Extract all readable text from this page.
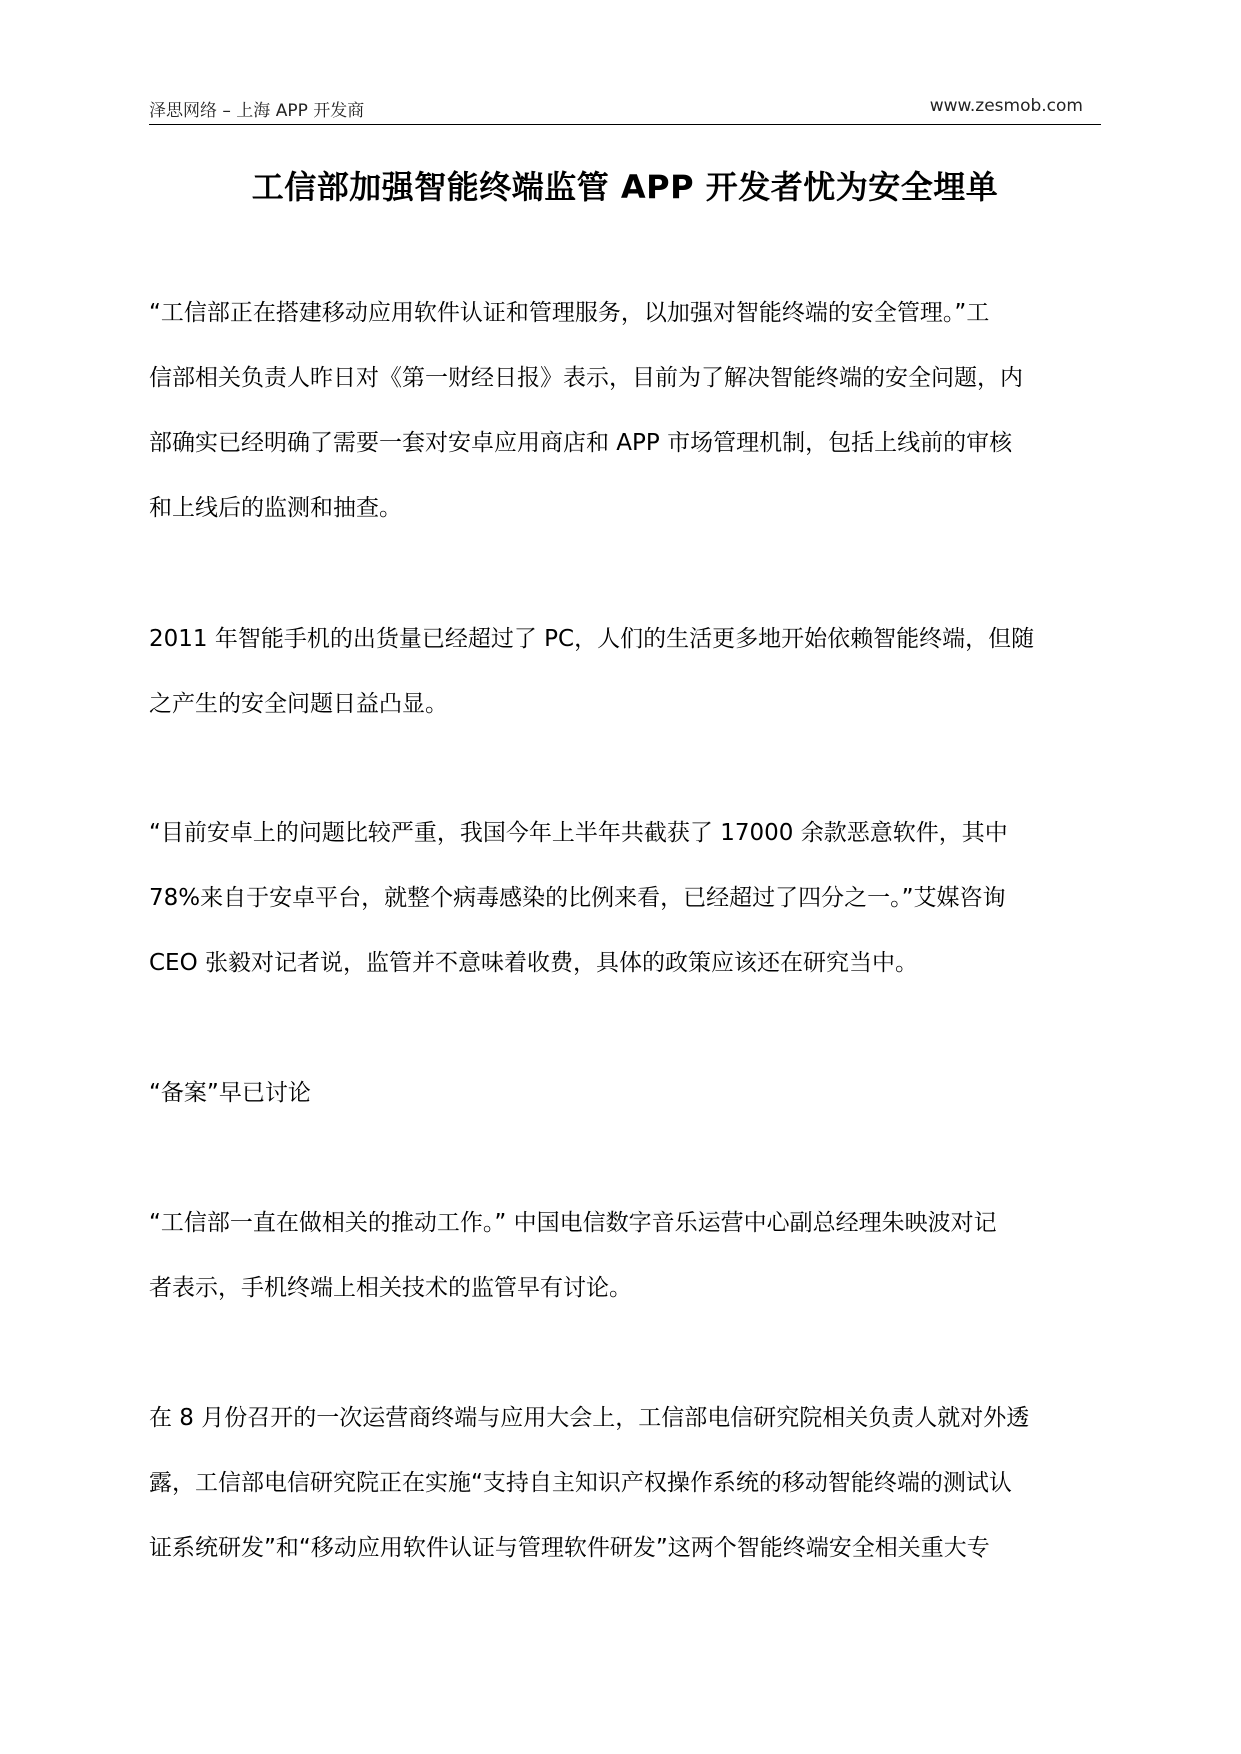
泽思网络 – 上海 APP 开发商	www.zesmob.com
工信部加强智能终端监管 APP 开发者忧为安全埋单

“工信部正在搭建移动应用软件认证和管理服务，以加强对智能终端的安全管理。”工
信部相关负责人昨日对《第一财经日报》表示，目前为了解决智能终端的安全问题，内
部确实已经明确了需要一套对安卓应用商店和 APP 市场管理机制，包括上线前的审核
和上线后的监测和抽查。

2011 年智能手机的出货量已经超过了 PC，人们的生活更多地开始依赖智能终端，但随
之产生的安全问题日益凸显。

“目前安卓上的问题比较严重，我国今年上半年共截获了 17000 余款恶意软件，其中
78%来自于安卓平台，就整个病毒感染的比例来看，已经超过了四分之一。”艾媒咨询
CEO 张毅对记者说，监管并不意味着收费，具体的政策应该还在研究当中。

“备案”早已讨论

“工信部一直在做相关的推动工作。” 中国电信数字音乐运营中心副总经理朱映波对记
者表示，手机终端上相关技术的监管早有讨论。

在 8 月份召开的一次运营商终端与应用大会上，工信部电信研究院相关负责人就对外透
露，工信部电信研究院正在实施“支持自主知识产权操作系统的移动智能终端的测试认
证系统研发”和“移动应用软件认证与管理软件研发”这两个智能终端安全相关重大专
